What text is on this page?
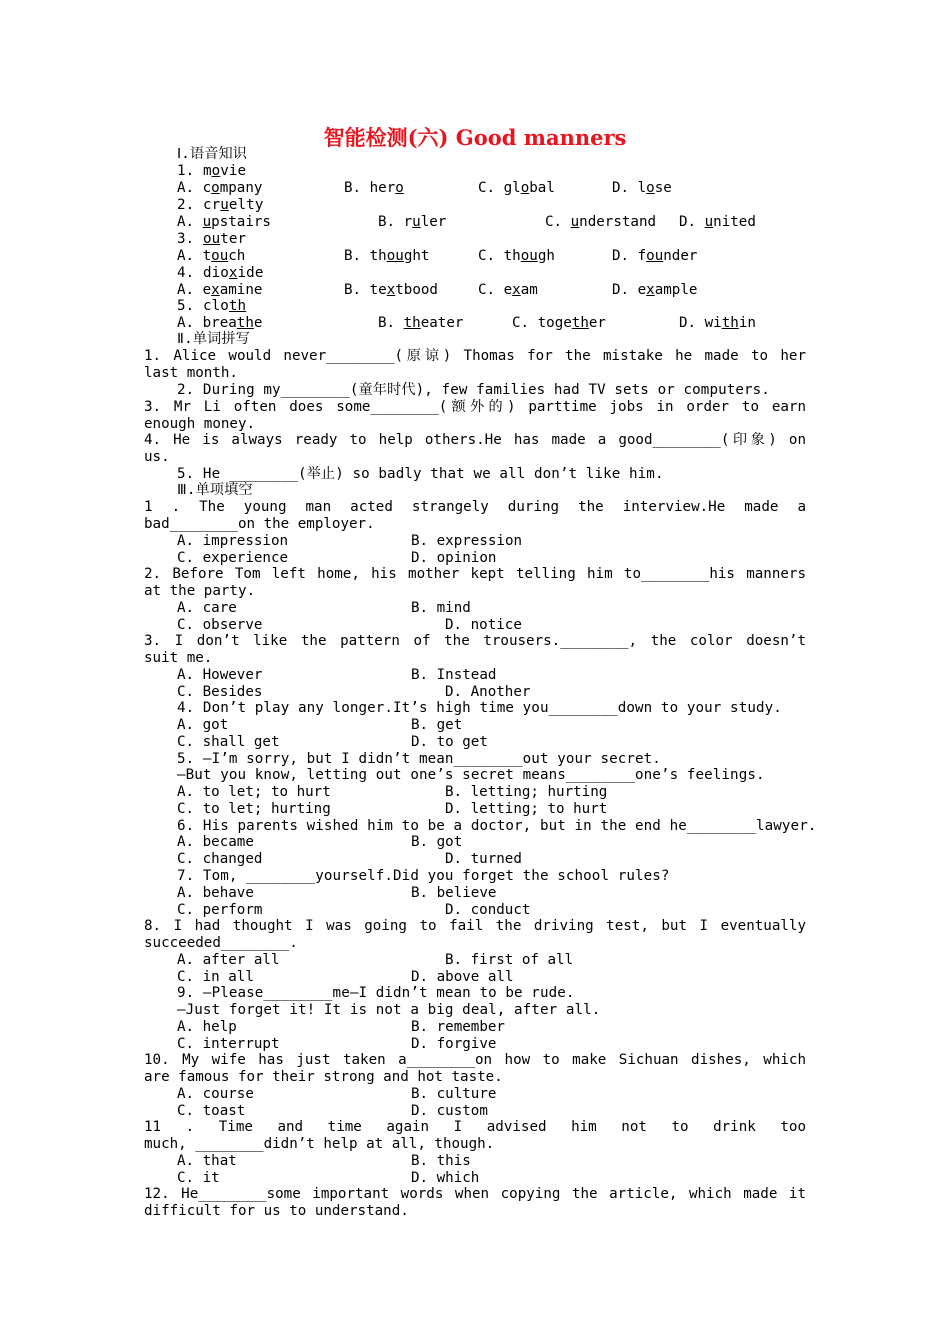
智能检测(六) Good manners
Ⅰ.语音知识
1. movie
A. company	B. hero	C. global	D. lose
2. cruelty
A. upstairs	B. ruler	C. understand D. united
3. outer
A. touch	B. thought	C. though	D. founder
4. dioxide
A. examine	B. textbood	C. exam	D. example
5. cloth
A. breathe	B. theater	C. together	D. within
Ⅱ.单词拼写
1. Alice would never________(原谅) Thomas for the mistake he made to her
last month.
2. During my________(童年时代), few families had TV sets or computers.
3. Mr Li often does some________(额外的) parttime jobs in order to earn
enough money.
4. He is always ready to help others.He has made a good________(印象) on
us.
5. He ________(举止) so badly that we all don’t like him.
Ⅲ.单项填空
1 . The young man acted strangely during the interview.He made a
bad________on the employer.
A. impression	B. expression
C. experience	D. opinion
2. Before Tom left home, his mother kept telling him to________his manners
at the party.
A. care	B. mind
C. observe	D. notice
3. I don’t like the pattern of the trousers.________, the color doesn’t
suit me.
A. However	B. Instead
C. Besides	D. Another
4. Don’t play any longer.It’s high time you________down to your study.
A. got	B. get
C. shall get	D. to get
5. —I’m sorry, but I didn’t mean________out your secret.
—But you know, letting out one’s secret means________one’s feelings.
A. to let; to hurt	B. letting; hurting
C. to let; hurting	D. letting; to hurt
6. His parents wished him to be a doctor, but in the end he________lawyer.
A. became	B. got
C. changed	D. turned
7. Tom, ________yourself.Did you forget the school rules?
A. behave	B. believe
C. perform	D. conduct
8. I had thought I was going to fail the driving test, but I eventually
succeeded________.
A. after all	B. first of all
C. in all	D. above all
9. —Please________me—I didn’t mean to be rude.
—Just forget it! It is not a big deal, after all.
A. help	B. remember
C. interrupt	D. forgive
10. My wife has just taken a________on how to make Sichuan dishes, which
are famous for their strong and hot taste.
A. course	B. culture
C. toast	D. custom
11 . Time and time again I advised him not to drink too
much, ________didn’t help at all, though.
A. that	B. this
C. it	D. which
12. He________some important words when copying the article, which made it
difficult for us to understand.
